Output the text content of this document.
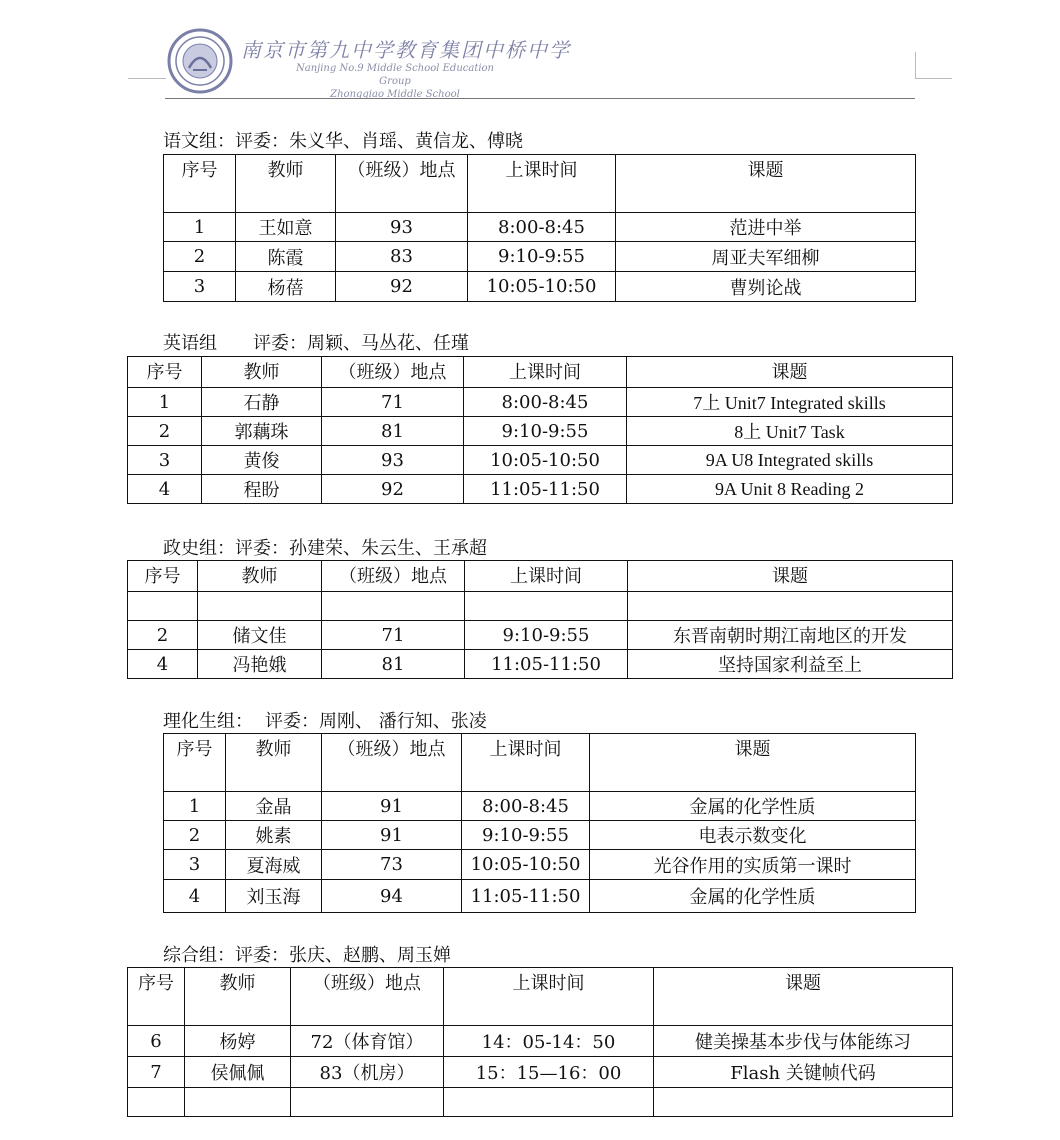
南京市第九中学教育集团中桥中学
Nanjing No.9 Middle School Education Group
Zhongqiao Middle School
语文组：评委：朱义华、肖瑶、黄信龙、傅晓
序号	教师	（班级）地点	上课时间	课题
1	王如意	93	8:00-8:45	范进中举
2	陈霞	83	9:10-9:55	周亚夫军细柳
3	杨蓓	92	10:05-10:50	曹刿论战
英语组 评委：周颖、马丛花、任瑾
序号	教师	（班级）地点	上课时间	课题
1	石静	71	8:00-8:45	7上 Unit7 Integrated skills
2	郭藕珠	81	9:10-9:55	8上 Unit7 Task
3	黄俊	93	10:05-10:50	9A U8 Integrated skills
4	程盼	92	11:05-11:50	9A Unit 8 Reading 2
政史组：评委：孙建荣、朱云生、王承超
序号	教师	（班级）地点	上课时间	课题

2	储文佳	71	9:10-9:55	东晋南朝时期江南地区的开发
4	冯艳娥	81	11:05-11:50	坚持国家利益至上
理化生组： 评委：周刚、 潘行知、张凌
序号	教师	（班级）地点	上课时间	课题
1	金晶	91	8:00-8:45	金属的化学性质
2	姚素	91	9:10-9:55	电表示数变化
3	夏海威	73	10:05-10:50	光谷作用的实质第一课时
4	刘玉海	94	11:05-11:50	金属的化学性质
综合组：评委：张庆、赵鹏、周玉婵
序号	教师	（班级）地点	上课时间	课题
6	杨婷	72（体育馆）	14：05-14：50	健美操基本步伐与体能练习
7	侯佩佩	83（机房）	15：15—16：00	Flash 关键帧代码
